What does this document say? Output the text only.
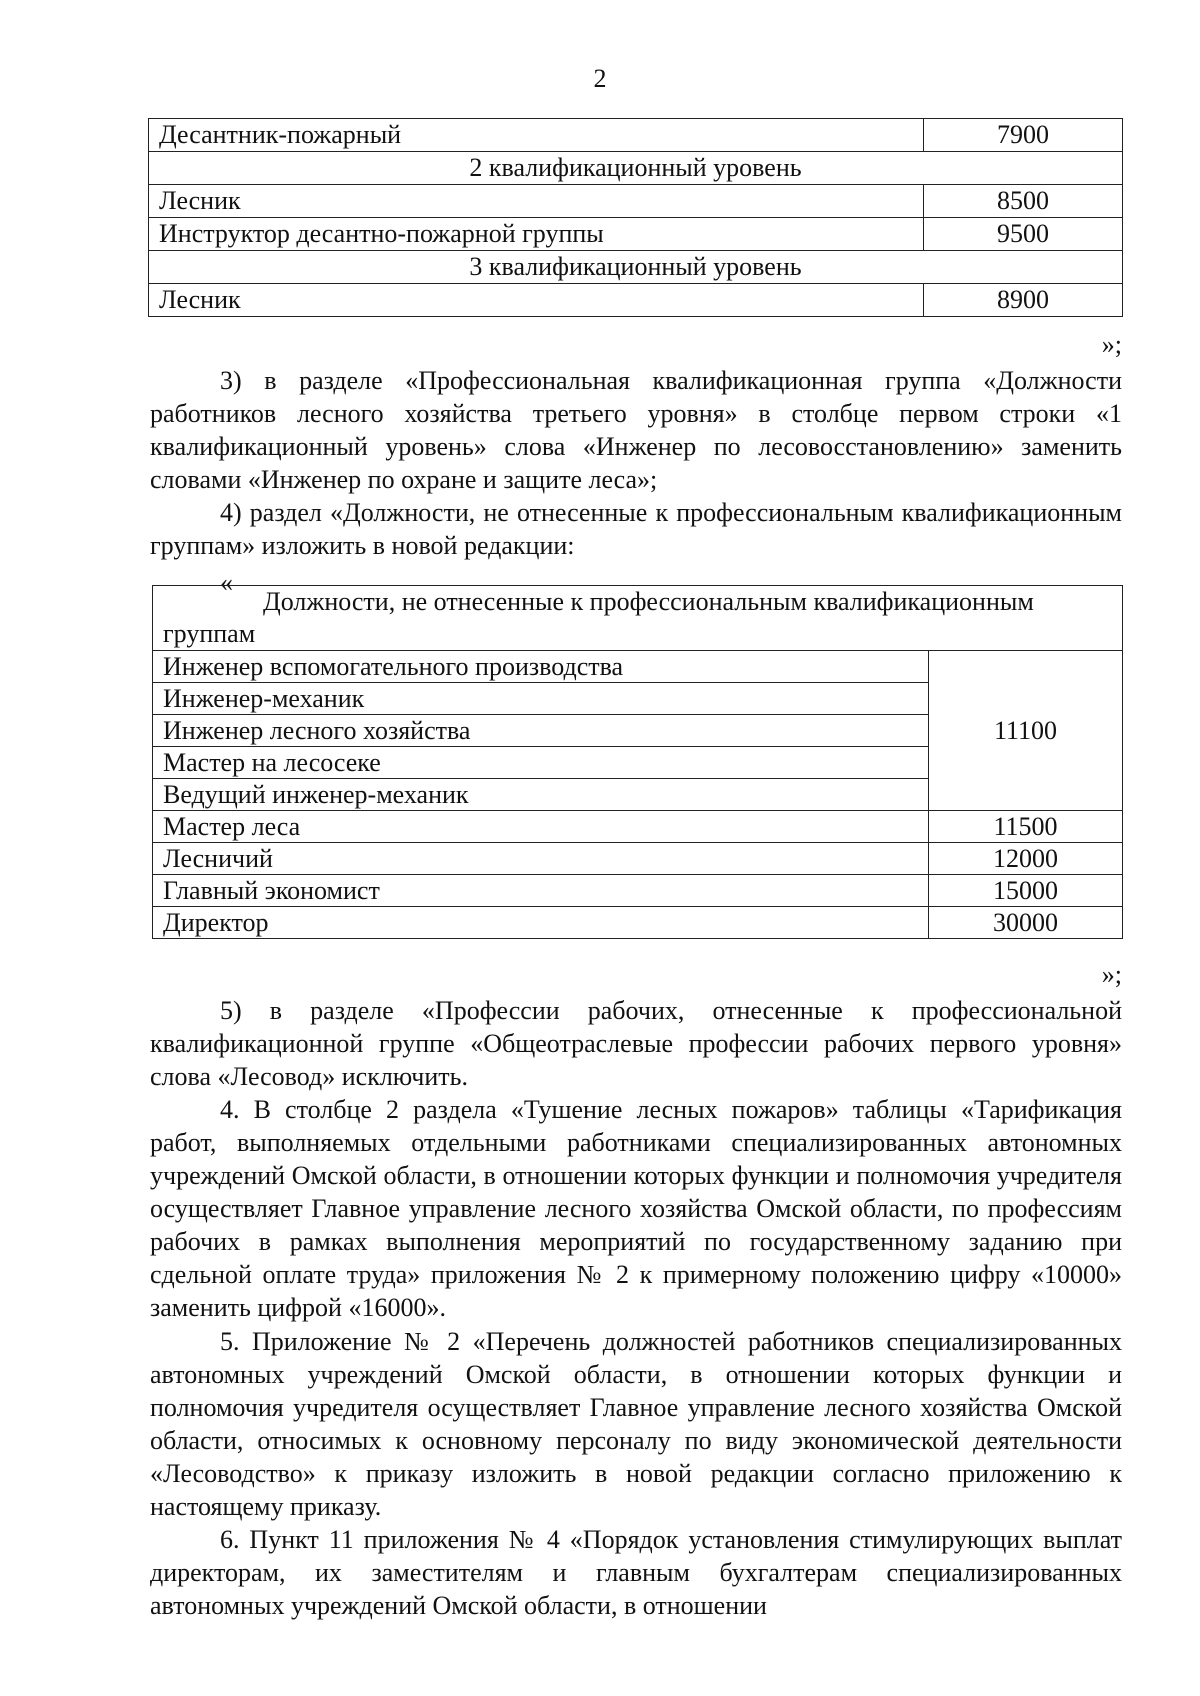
2
Десантник-пожарный	7900
2 квалификационный уровень	
Лесник	8500
Инструктор десантно-пожарной группы	9500
3 квалификационный уровень	
Лесник	8900
»;
3) в разделе «Профессиональная квалификационная группа «Должности работников лесного хозяйства третьего уровня» в столбце первом строки «1 квалификационный уровень» слова «Инженер по лесовосстановлению» заменить словами «Инженер по охране и защите леса»;
4) раздел «Должности, не отнесенные к профессиональным квалификационным группам» изложить в новой редакции:
«
Должности, не отнесенные к профессиональным квалификационным группам	
Инженер вспомогательного производства	11100
Инженер-механик	
Инженер лесного хозяйства	
Мастер на лесосеке	
Ведущий инженер-механик	
Мастер леса	11500
Лесничий	12000
Главный экономист	15000
Директор	30000
»;
5) в разделе «Профессии рабочих, отнесенные к профессиональной квалификационной группе «Общеотраслевые профессии рабочих первого уровня» слова «Лесовод» исключить.
4. В столбце 2 раздела «Тушение лесных пожаров» таблицы «Тарификация работ, выполняемых отдельными работниками специализированных автономных учреждений Омской области, в отношении которых функции и полномочия учредителя осуществляет Главное управление лесного хозяйства Омской области, по профессиям рабочих в рамках выполнения мероприятий по государственному заданию при сдельной оплате труда» приложения № 2 к примерному положению цифру «10000» заменить цифрой «16000».
5. Приложение № 2 «Перечень должностей работников специализированных автономных учреждений Омской области, в отношении которых функции и полномочия учредителя осуществляет Главное управление лесного хозяйства Омской области, относимых к основному персоналу по виду экономической деятельности «Лесоводство» к приказу изложить в новой редакции согласно приложению к настоящему приказу.
6. Пункт 11 приложения № 4 «Порядок установления стимулирующих выплат директорам, их заместителям и главным бухгалтерам специализированных автономных учреждений Омской области, в отношении
